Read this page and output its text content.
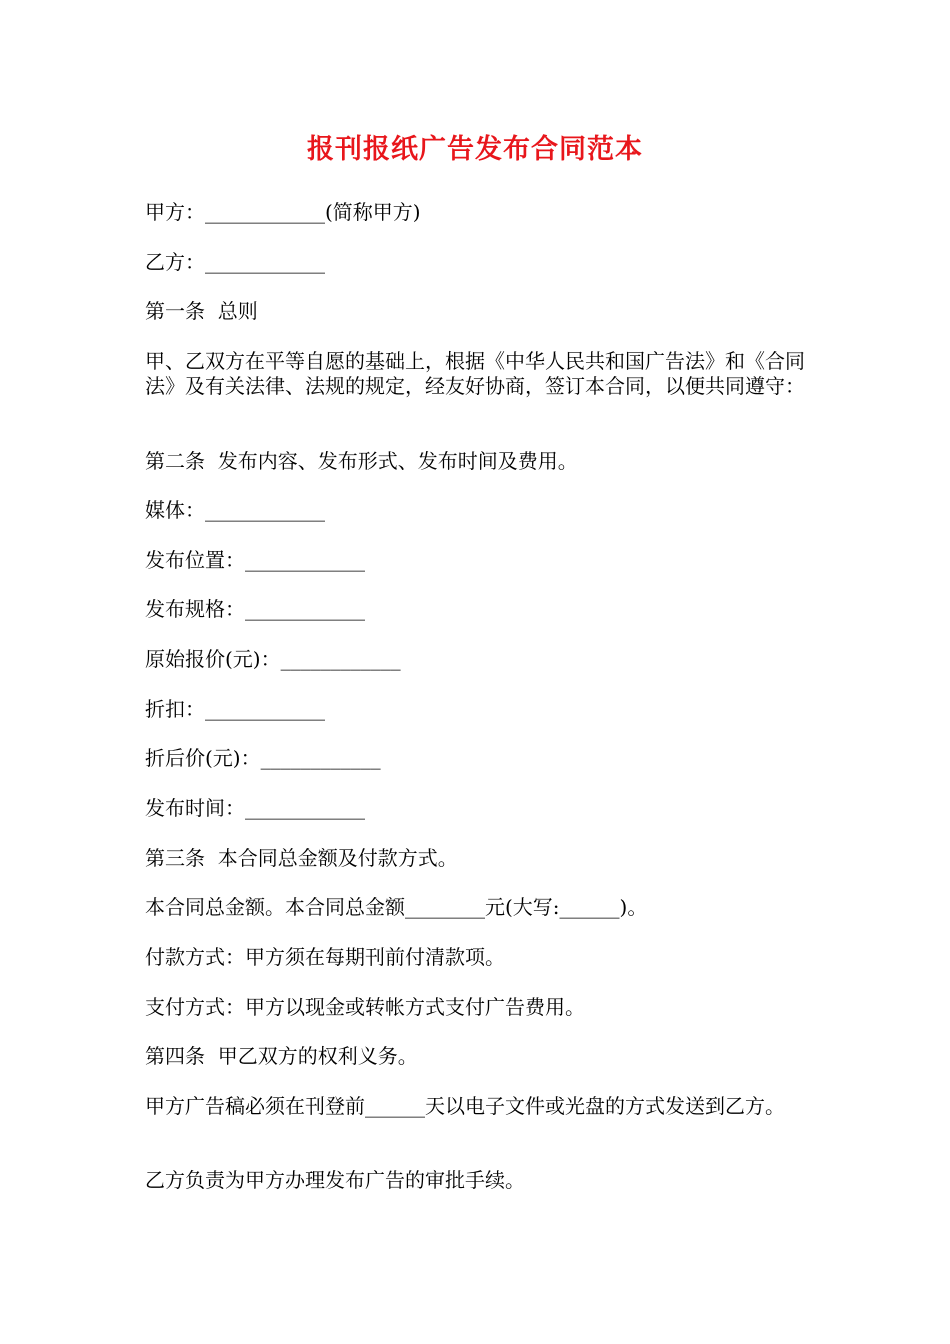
报刊报纸广告发布合同范本

甲方：____________(简称甲方)

乙方：____________

第一条  总则

甲、乙双方在平等自愿的基础上，根据《中华人民共和国广告法》和《合同法》及有关法律、法规的规定，经友好协商，签订本合同，以便共同遵守：

第二条  发布内容、发布形式、发布时间及费用。

媒体：____________

发布位置：____________

发布规格：____________

原始报价(元)：____________

折扣：____________

折后价(元)：____________

发布时间：____________

第三条  本合同总金额及付款方式。

本合同总金额。本合同总金额________元(大写:______)。

付款方式：甲方须在每期刊前付清款项。

支付方式：甲方以现金或转帐方式支付广告费用。

第四条  甲乙双方的权利义务。

甲方广告稿必须在刊登前______天以电子文件或光盘的方式发送到乙方。

乙方负责为甲方办理发布广告的审批手续。
